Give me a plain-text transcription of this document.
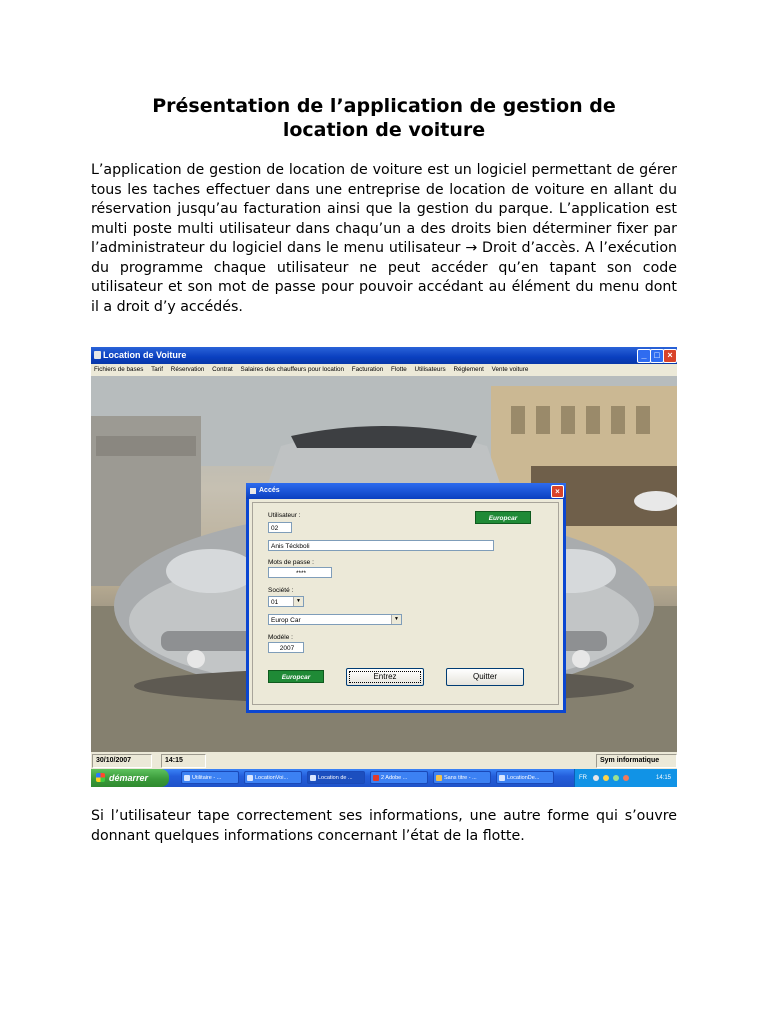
Présentation de l’application de gestion de
location de voiture
L’application de gestion de location de voiture est un logiciel permettant de gérer tous les taches effectuer dans une entreprise de location de voiture en allant du réservation jusqu’au facturation ainsi que la gestion du parque. L’application est multi poste multi utilisateur dans chaqu’un a des droits bien déterminer fixer par l’administrateur du logiciel dans le menu utilisateur → Droit d’accès. A l’exécution du programme chaque utilisateur ne peut accéder qu’en tapant son code utilisateur et son mot de passe pour pouvoir accédant au élément du menu dont il a droit d’y accédés.
Location de Voiture	_ □ ×
Fichiers de bases Tarif Réservation Contrat Salaires des chauffeurs pour location Facturation Flotte Utilisateurs Réglement Vente voiture
Accés	×
Utilisateur :
02
Europcar
Anis Téckboli
Mots de passe :
****
Société :
01	▼
Europ Car	▼
Modéle :
2007
Europcar	Entrez	Quitter
30/10/2007	14:15	Sym informatique
démarrer	Utilitaire - ...	LocationVoi...	Location de ...	2 Adobe ...	Sans titre - ...	LocationDe...	FR	14:15
Si l’utilisateur tape correctement ses informations, une autre forme qui s’ouvre donnant quelques informations concernant l’état de la flotte.
